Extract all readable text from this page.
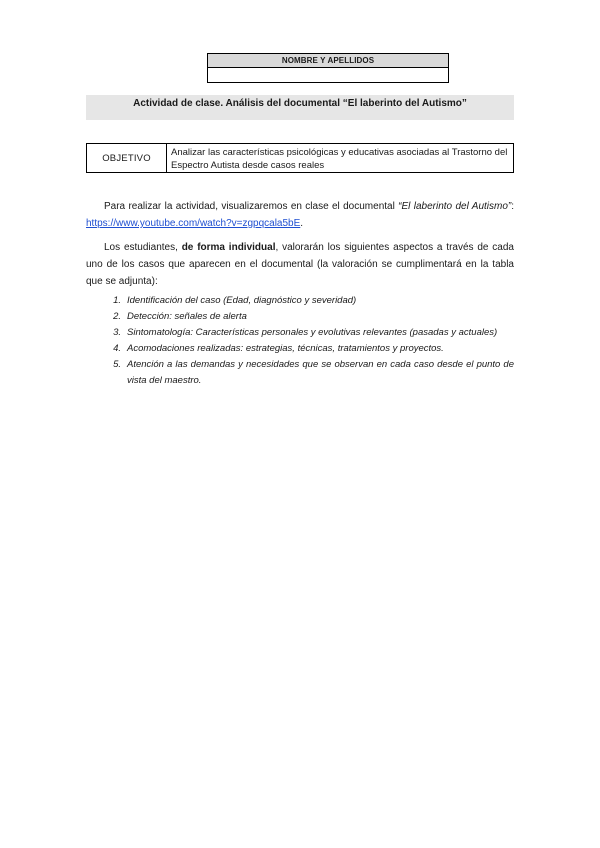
NOMBRE Y APELLIDOS
Actividad de clase. Análisis del documental “El laberinto del Autismo”
OBJETIVO	Analizar las características psicológicas y educativas asociadas al Trastorno del Espectro Autista desde casos reales
Para realizar la actividad, visualizaremos en clase el documental “El laberinto del Autismo”: https://www.youtube.com/watch?v=zgpqcala5bE.
Los estudiantes, de forma individual, valorarán los siguientes aspectos a través de cada uno de los casos que aparecen en el documental (la valoración se cumplimentará en la tabla que se adjunta):
1. Identificación del caso (Edad, diagnóstico y severidad)
2. Detección: señales de alerta
3. Sintomatología: Características personales y evolutivas relevantes (pasadas y actuales)
4. Acomodaciones realizadas: estrategias, técnicas, tratamientos y proyectos.
5. Atención a las demandas y necesidades que se observan en cada caso desde el punto de vista del maestro.
